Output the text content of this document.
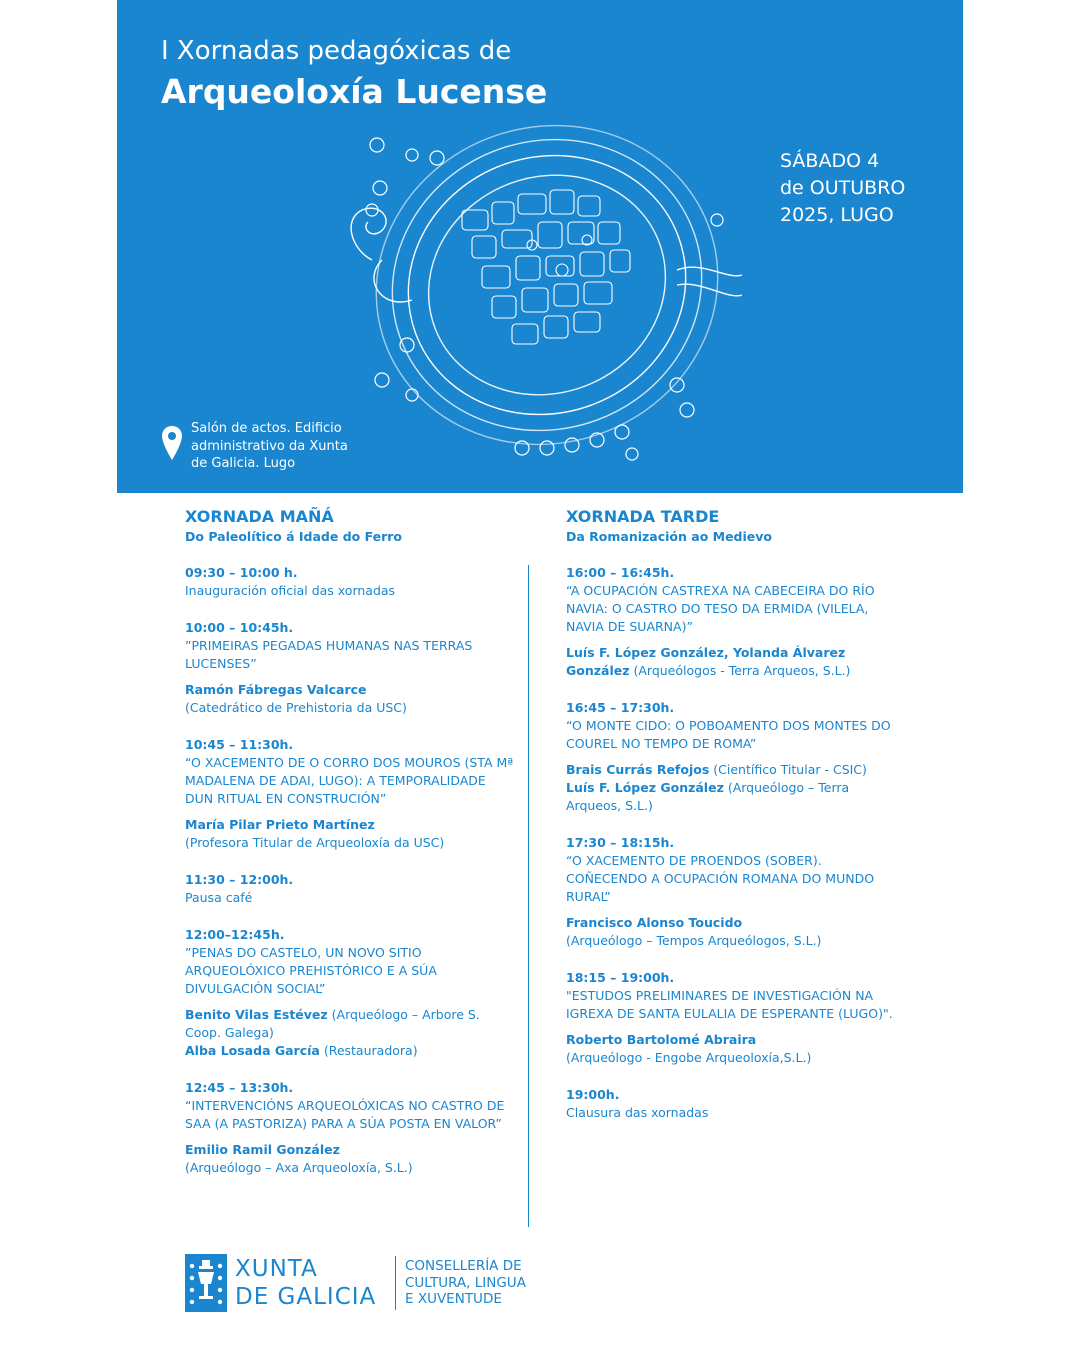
I Xornadas pedagóxicas de
Arqueoloxía Lucense
SÁBADO 4
de OUTUBRO
2025, LUGO
Salón de actos. Edificio
administrativo da Xunta
de Galicia. Lugo
XORNADA MAÑÁ
Do Paleolítico á Idade do Ferro
09:30 – 10:00 h.
Inauguración oficial das xornadas
10:00 – 10:45h.
”PRIMEIRAS PEGADAS HUMANAS NAS TERRAS LUCENSES”
Ramón Fábregas Valcarce
(Catedrático de Prehistoria da USC)
10:45 – 11:30h.
“O XACEMENTO DE O CORRO DOS MOUROS (STA Mª MADALENA DE ADAI, LUGO): A TEMPORALIDADE DUN RITUAL EN CONSTRUCIÓN”
María Pilar Prieto Martínez
(Profesora Titular de Arqueoloxía da USC)
11:30 – 12:00h.
Pausa café
12:00–12:45h.
”PENAS DO CASTELO, UN NOVO SITIO ARQUEOLÓXICO PREHISTÓRICO E A SÚA DIVULGACIÓN SOCIAL”
Benito Vilas Estévez (Arqueólogo – Arbore S. Coop. Galega)
Alba Losada García (Restauradora)
12:45 – 13:30h.
“INTERVENCIÓNS ARQUEOLÓXICAS NO CASTRO DE SAA (A PASTORIZA) PARA A SÚA POSTA EN VALOR”
Emilio Ramil González
(Arqueólogo – Axa Arqueoloxía, S.L.)
XORNADA TARDE
Da Romanización ao Medievo
16:00 – 16:45h.
“A OCUPACIÓN CASTREXA NA CABECEIRA DO RÍO NAVIA: O CASTRO DO TESO DA ERMIDA (VILELA, NAVIA DE SUARNA)”
Luís F. López González, Yolanda Álvarez González (Arqueólogos - Terra Arqueos, S.L.)
16:45 – 17:30h.
“O MONTE CIDO: O POBOAMENTO DOS MONTES DO COUREL NO TEMPO DE ROMA”
Brais Currás Refojos (Científico Titular - CSIC)
Luís F. López González (Arqueólogo – Terra Arqueos, S.L.)
17:30 – 18:15h.
“O XACEMENTO DE PROENDOS (SOBER). COÑECENDO A OCUPACIÓN ROMANA DO MUNDO RURAL”
Francisco Alonso Toucido
(Arqueólogo – Tempos Arqueólogos, S.L.)
18:15 – 19:00h.
"ESTUDOS PRELIMINARES DE INVESTIGACIÓN NA IGREXA DE SANTA EULALIA DE ESPERANTE (LUGO)".
Roberto Bartolomé Abraira
(Arqueólogo - Engobe Arqueoloxía,S.L.)
19:00h.
Clausura das xornadas
XUNTA
DE GALICIA
CONSELLERÍA DE
CULTURA, LINGUA
E XUVENTUDE
